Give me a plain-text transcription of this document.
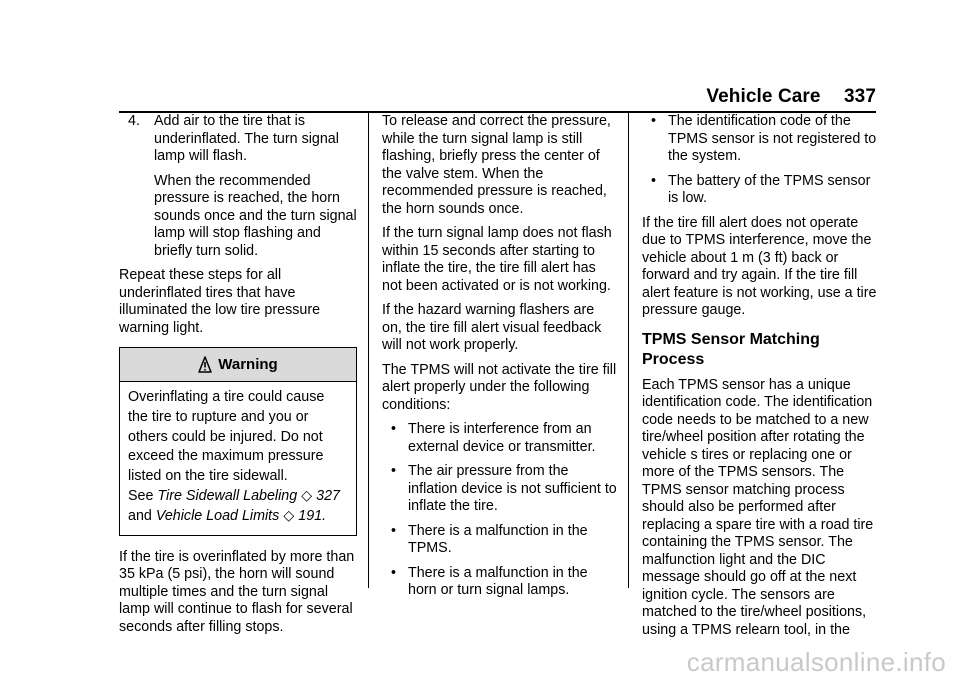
Vehicle Care 337

4. Add air to the tire that is underinflated. The turn signal lamp will flash.

When the recommended pressure is reached, the horn sounds once and the turn signal lamp will stop flashing and briefly turn solid.

Repeat these steps for all underinflated tires that have illuminated the low tire pressure warning light.

Warning
Overinflating a tire could cause the tire to rupture and you or others could be injured. Do not exceed the maximum pressure listed on the tire sidewall.
See Tire Sidewall Labeling ◇ 327
and Vehicle Load Limits ◇ 191.

If the tire is overinflated by more than 35 kPa (5 psi), the horn will sound multiple times and the turn signal lamp will continue to flash for several seconds after filling stops.

To release and correct the pressure, while the turn signal lamp is still flashing, briefly press the center of the valve stem. When the recommended pressure is reached, the horn sounds once.

If the turn signal lamp does not flash within 15 seconds after starting to inflate the tire, the tire fill alert has not been activated or is not working.

If the hazard warning flashers are on, the tire fill alert visual feedback will not work properly.

The TPMS will not activate the tire fill alert properly under the following conditions:

• There is interference from an external device or transmitter.

• The air pressure from the inflation device is not sufficient to inflate the tire.

• There is a malfunction in the TPMS.

• There is a malfunction in the horn or turn signal lamps.

• The identification code of the TPMS sensor is not registered to the system.

• The battery of the TPMS sensor is low.

If the tire fill alert does not operate due to TPMS interference, move the vehicle about 1 m (3 ft) back or forward and try again. If the tire fill alert feature is not working, use a tire pressure gauge.

TPMS Sensor Matching Process

Each TPMS sensor has a unique identification code. The identification code needs to be matched to a new tire/wheel position after rotating the vehicle s tires or replacing one or more of the TPMS sensors. The TPMS sensor matching process should also be performed after replacing a spare tire with a road tire containing the TPMS sensor. The malfunction light and the DIC message should go off at the next ignition cycle. The sensors are matched to the tire/wheel positions, using a TPMS relearn tool, in the

carmanualsonline.info
